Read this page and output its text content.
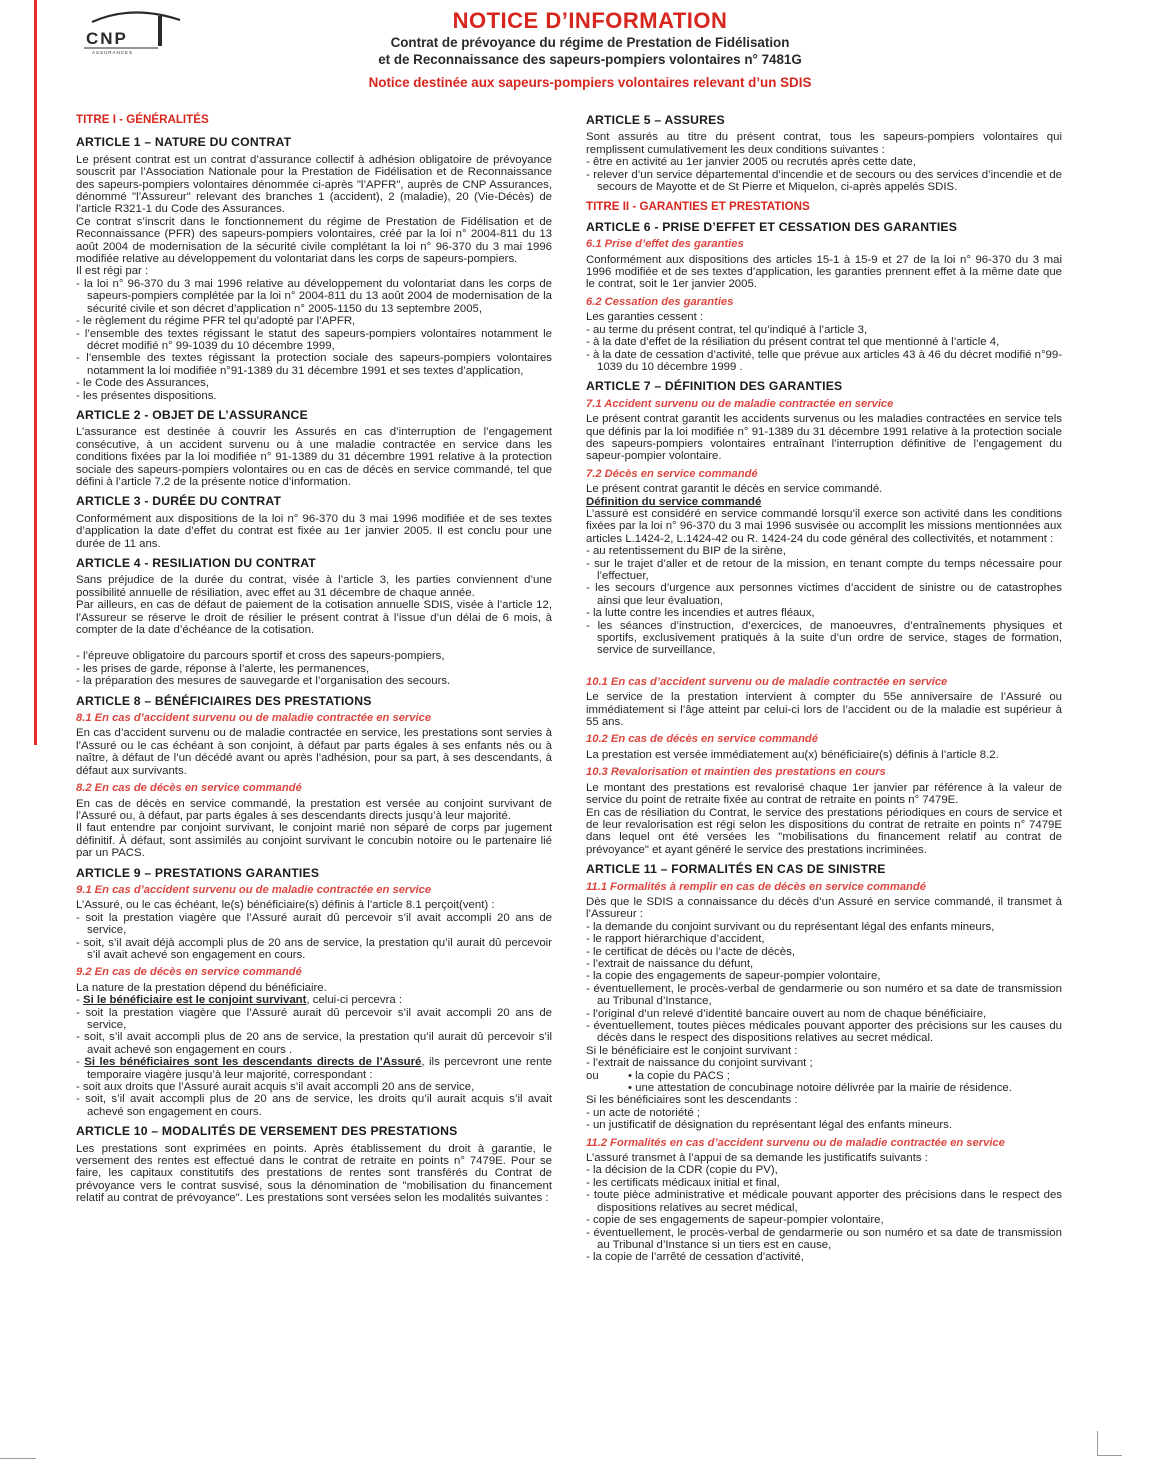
CNP
ASSURANCES
NOTICE D’INFORMATION
Contrat de prévoyance du régime de Prestation de Fidélisation
et de Reconnaissance des sapeurs-pompiers volontaires n° 7481G
Notice destinée aux sapeurs-pompiers volontaires relevant d’un SDIS
TITRE I - GÉNÉRALITÉS
ARTICLE 1 – NATURE DU CONTRAT

Le présent contrat est un contrat d’assurance collectif à adhésion obligatoire de prévoyance souscrit par l’Association Nationale pour la Prestation de Fidélisation et de Reconnaissance des sapeurs-pompiers volontaires dénommée ci-après "l’APFR", auprès de CNP Assurances, dénommé "l’Assureur" relevant des branches 1 (accident), 2 (maladie), 20 (Vie-Décès) de l’article R321-1 du Code des Assurances.

Ce contrat s’inscrit dans le fonctionnement du régime de Prestation de Fidélisation et de Reconnaissance (PFR) des sapeurs-pompiers volontaires, créé par la loi n° 2004-811 du 13 août 2004 de modernisation de la sécurité civile complétant la loi n° 96-370 du 3 mai 1996 modifiée relative au développement du volontariat dans les corps de sapeurs-pompiers.

Il est régi par :

- la loi n° 96-370 du 3 mai 1996 relative au développement du volontariat dans les corps de sapeurs-pompiers complétée par la loi n° 2004-811 du 13 août 2004 de modernisation de la sécurité civile et son décret d’application n° 2005-1150 du 13 septembre 2005,
- le règlement du régime PFR tel qu’adopté par l’APFR,
- l’ensemble des textes régissant le statut des sapeurs-pompiers volontaires notamment le décret modifié n° 99-1039 du 10 décembre 1999,
- l’ensemble des textes régissant la protection sociale des sapeurs-pompiers volontaires notamment la loi modifiée n°91-1389 du 31 décembre 1991 et ses textes d’application,
- le Code des Assurances,
- les présentes dispositions.
ARTICLE 2 - OBJET DE L’ASSURANCE

L’assurance est destinée à couvrir les Assurés en cas d’interruption de l’engagement consécutive, à un accident survenu ou à une maladie contractée en service dans les conditions fixées par la loi modifiée n° 91-1389 du 31 décembre 1991 relative à la protection sociale des sapeurs-pompiers volontaires ou en cas de décès en service commandé, tel que défini à l’article 7.2 de la présente notice d’information.

ARTICLE 3 - DURÉE DU CONTRAT

Conformément aux dispositions de la loi n° 96-370 du 3 mai 1996 modifiée et de ses textes d’application la date d’effet du contrat est fixée au 1er janvier 2005. Il est conclu pour une durée de 11 ans.

ARTICLE 4 - RESILIATION DU CONTRAT

Sans préjudice de la durée du contrat, visée à l’article 3, les parties conviennent d’une possibilité annuelle de résiliation, avec effet au 31 décembre de chaque année.

Par ailleurs, en cas de défaut de paiement de la cotisation annuelle SDIS, visée à l’article 12, l’Assureur se réserve le droit de résilier le présent contrat à l’issue d’un délai de 6 mois, à compter de la date d’échéance de la cotisation.

- l’épreuve obligatoire du parcours sportif et cross des sapeurs-pompiers,
- les prises de garde, réponse à l’alerte, les permanences,
- la préparation des mesures de sauvegarde et l’organisation des secours.
ARTICLE 8 – BÉNÉFICIAIRES DES PRESTATIONS
8.1 En cas d’accident survenu ou de maladie contractée en service

En cas d’accident survenu ou de maladie contractée en service, les prestations sont servies à l’Assuré ou le cas échéant à son conjoint, à défaut par parts égales à ses enfants nés ou à naître, à défaut de l’un décédé avant ou après l’adhésion, pour sa part, à ses descendants, à défaut aux survivants.

8.2 En cas de décès en service commandé

En cas de décès en service commandé, la prestation est versée au conjoint survivant de l’Assuré ou, à défaut, par parts égales à ses descendants directs jusqu’à leur majorité.

Il faut entendre par conjoint survivant, le conjoint marié non séparé de corps par jugement définitif. À défaut, sont assimilés au conjoint survivant le concubin notoire ou le partenaire lié par un PACS.

ARTICLE 9 – PRESTATIONS GARANTIES
9.1 En cas d’accident survenu ou de maladie contractée en service

L’Assuré, ou le cas échéant, le(s) bénéficiaire(s) définis à l’article 8.1 perçoit(vent) :

- soit la prestation viagère que l’Assuré aurait dû percevoir s’il avait accompli 20 ans de service,
- soit, s’il avait déjà accompli plus de 20 ans de service, la prestation qu’il aurait dû percevoir s’il avait achevé son engagement en cours.
9.2 En cas de décès en service commandé

La nature de la prestation dépend du bénéficiaire.

- Si le bénéficiaire est le conjoint survivant, celui-ci percevra :
- soit la prestation viagère que l’Assuré aurait dû percevoir s’il avait accompli 20 ans de service,
- soit, s’il avait accompli plus de 20 ans de service, la prestation qu’il aurait dû percevoir s’il avait achevé son engagement en cours .
- Si les bénéficiaires sont les descendants directs de l’Assuré, ils percevront une rente temporaire viagère jusqu’à leur majorité, correspondant :
- soit aux droits que l’Assuré aurait acquis s’il avait accompli 20 ans de service,
- soit, s’il avait accompli plus de 20 ans de service, les droits qu’il aurait acquis s’il avait achevé son engagement en cours.
ARTICLE 10 – MODALITÉS DE VERSEMENT DES PRESTATIONS

Les prestations sont exprimées en points. Après établissement du droit à garantie, le versement des rentes est effectué dans le contrat de retraite en points n° 7479E. Pour se faire, les capitaux constitutifs des prestations de rentes sont transférés du Contrat de prévoyance vers le contrat susvisé, sous la dénomination de "mobilisation du financement relatif au contrat de prévoyance". Les prestations sont versées selon les modalités suivantes :

ARTICLE 5 – ASSURES

Sont assurés au titre du présent contrat, tous les sapeurs-pompiers volontaires qui remplissent cumulativement les deux conditions suivantes :

- être en activité au 1er janvier 2005 ou recrutés après cette date,
- relever d’un service départemental d’incendie et de secours ou des services d’incendie et de secours de Mayotte et de St Pierre et Miquelon, ci-après appelés SDIS.
TITRE II - GARANTIES ET PRESTATIONS
ARTICLE 6 - PRISE D’EFFET ET CESSATION DES GARANTIES
6.1 Prise d’effet des garanties

Conformément aux dispositions des articles 15-1 à 15-9 et 27 de la loi n° 96-370 du 3 mai 1996 modifiée et de ses textes d’application, les garanties prennent effet à la même date que le contrat, soit le 1er janvier 2005.

6.2 Cessation des garanties

Les garanties cessent :

- au terme du présent contrat, tel qu’indiqué à l’article 3,
- à la date d’effet de la résiliation du présent contrat tel que mentionné à l’article 4,
- à la date de cessation d’activité, telle que prévue aux articles 43 à 46 du décret modifié n°99-1039 du 10 décembre 1999 .
ARTICLE 7 – DÉFINITION DES GARANTIES
7.1 Accident survenu ou de maladie contractée en service

Le présent contrat garantit les accidents survenus ou les maladies contractées en service tels que définis par la loi modifiée n° 91-1389 du 31 décembre 1991 relative à la protection sociale des sapeurs-pompiers volontaires entraînant l’interruption définitive de l’engagement du sapeur-pompier volontaire.

7.2 Décès en service commandé

Le présent contrat garantit le décès en service commandé.

Définition du service commandé

L’assuré est considéré en service commandé lorsqu’il exerce son activité dans les conditions fixées par la loi n° 96-370 du 3 mai 1996 susvisée ou accomplit les missions mentionnées aux articles L.1424-2, L.1424-42 ou R. 1424-24 du code général des collectivités, et notamment :

- au retentissement du BIP de la sirène,
- sur le trajet d’aller et de retour de la mission, en tenant compte du temps nécessaire pour l’effectuer,
- les secours d’urgence aux personnes victimes d’accident de sinistre ou de catastrophes ainsi que leur évaluation,
- la lutte contre les incendies et autres fléaux,
- les séances d’instruction, d’exercices, de manoeuvres, d’entraînements physiques et sportifs, exclusivement pratiqués à la suite d’un ordre de service, stages de formation, service de surveillance,
10.1 En cas d’accident survenu ou de maladie contractée en service

Le service de la prestation intervient à compter du 55e anniversaire de l’Assuré ou immédiatement si l’âge atteint par celui-ci lors de l’accident ou de la maladie est supérieur à 55 ans.

10.2 En cas de décès en service commandé

La prestation est versée immédiatement au(x) bénéficiaire(s) définis à l’article 8.2.

10.3 Revalorisation et maintien des prestations en cours

Le montant des prestations est revalorisé chaque 1er janvier par référence à la valeur de service du point de retraite fixée au contrat de retraite en points n° 7479E.

En cas de résiliation du Contrat, le service des prestations périodiques en cours de service et de leur revalorisation est régi selon les dispositions du contrat de retraite en points n° 7479E dans lequel ont été versées les "mobilisations du financement relatif au contrat de prévoyance" et ayant généré le service des prestations incriminées.

ARTICLE 11 – FORMALITÉS EN CAS DE SINISTRE
11.1 Formalités à remplir en cas de décès en service commandé

Dès que le SDIS a connaissance du décès d’un Assuré en service commandé, il transmet à l’Assureur :

- la demande du conjoint survivant ou du représentant légal des enfants mineurs,
- le rapport hiérarchique d’accident,
- le certificat de décès ou l’acte de décès,
- l’extrait de naissance du défunt,
- la copie des engagements de sapeur-pompier volontaire,
- éventuellement, le procès-verbal de gendarmerie ou son numéro et sa date de transmission au Tribunal d’Instance,
- l’original d’un relevé d’identité bancaire ouvert au nom de chaque bénéficiaire,
- éventuellement, toutes pièces médicales pouvant apporter des précisions sur les causes du décès dans le respect des dispositions relatives au secret médical.

Si le bénéficiaire est le conjoint survivant :

- l’extrait de naissance du conjoint survivant ;
ou	• la copie du PACS ;
• une attestation de concubinage notoire délivrée par la mairie de résidence.

Si les bénéficiaires sont les descendants :

- un acte de notoriété ;
- un justificatif de désignation du représentant légal des enfants mineurs.
11.2 Formalités en cas d’accident survenu ou de maladie contractée en service

L’assuré transmet à l’appui de sa demande les justificatifs suivants :

- la décision de la CDR (copie du PV),
- les certificats médicaux initial et final,
- toute pièce administrative et médicale pouvant apporter des précisions dans le respect des dispositions relatives au secret médical,
- copie de ses engagements de sapeur-pompier volontaire,
- éventuellement, le procès-verbal de gendarmerie ou son numéro et sa date de transmission au Tribunal d’Instance si un tiers est en cause,
- la copie de l’arrêté de cessation d’activité,
